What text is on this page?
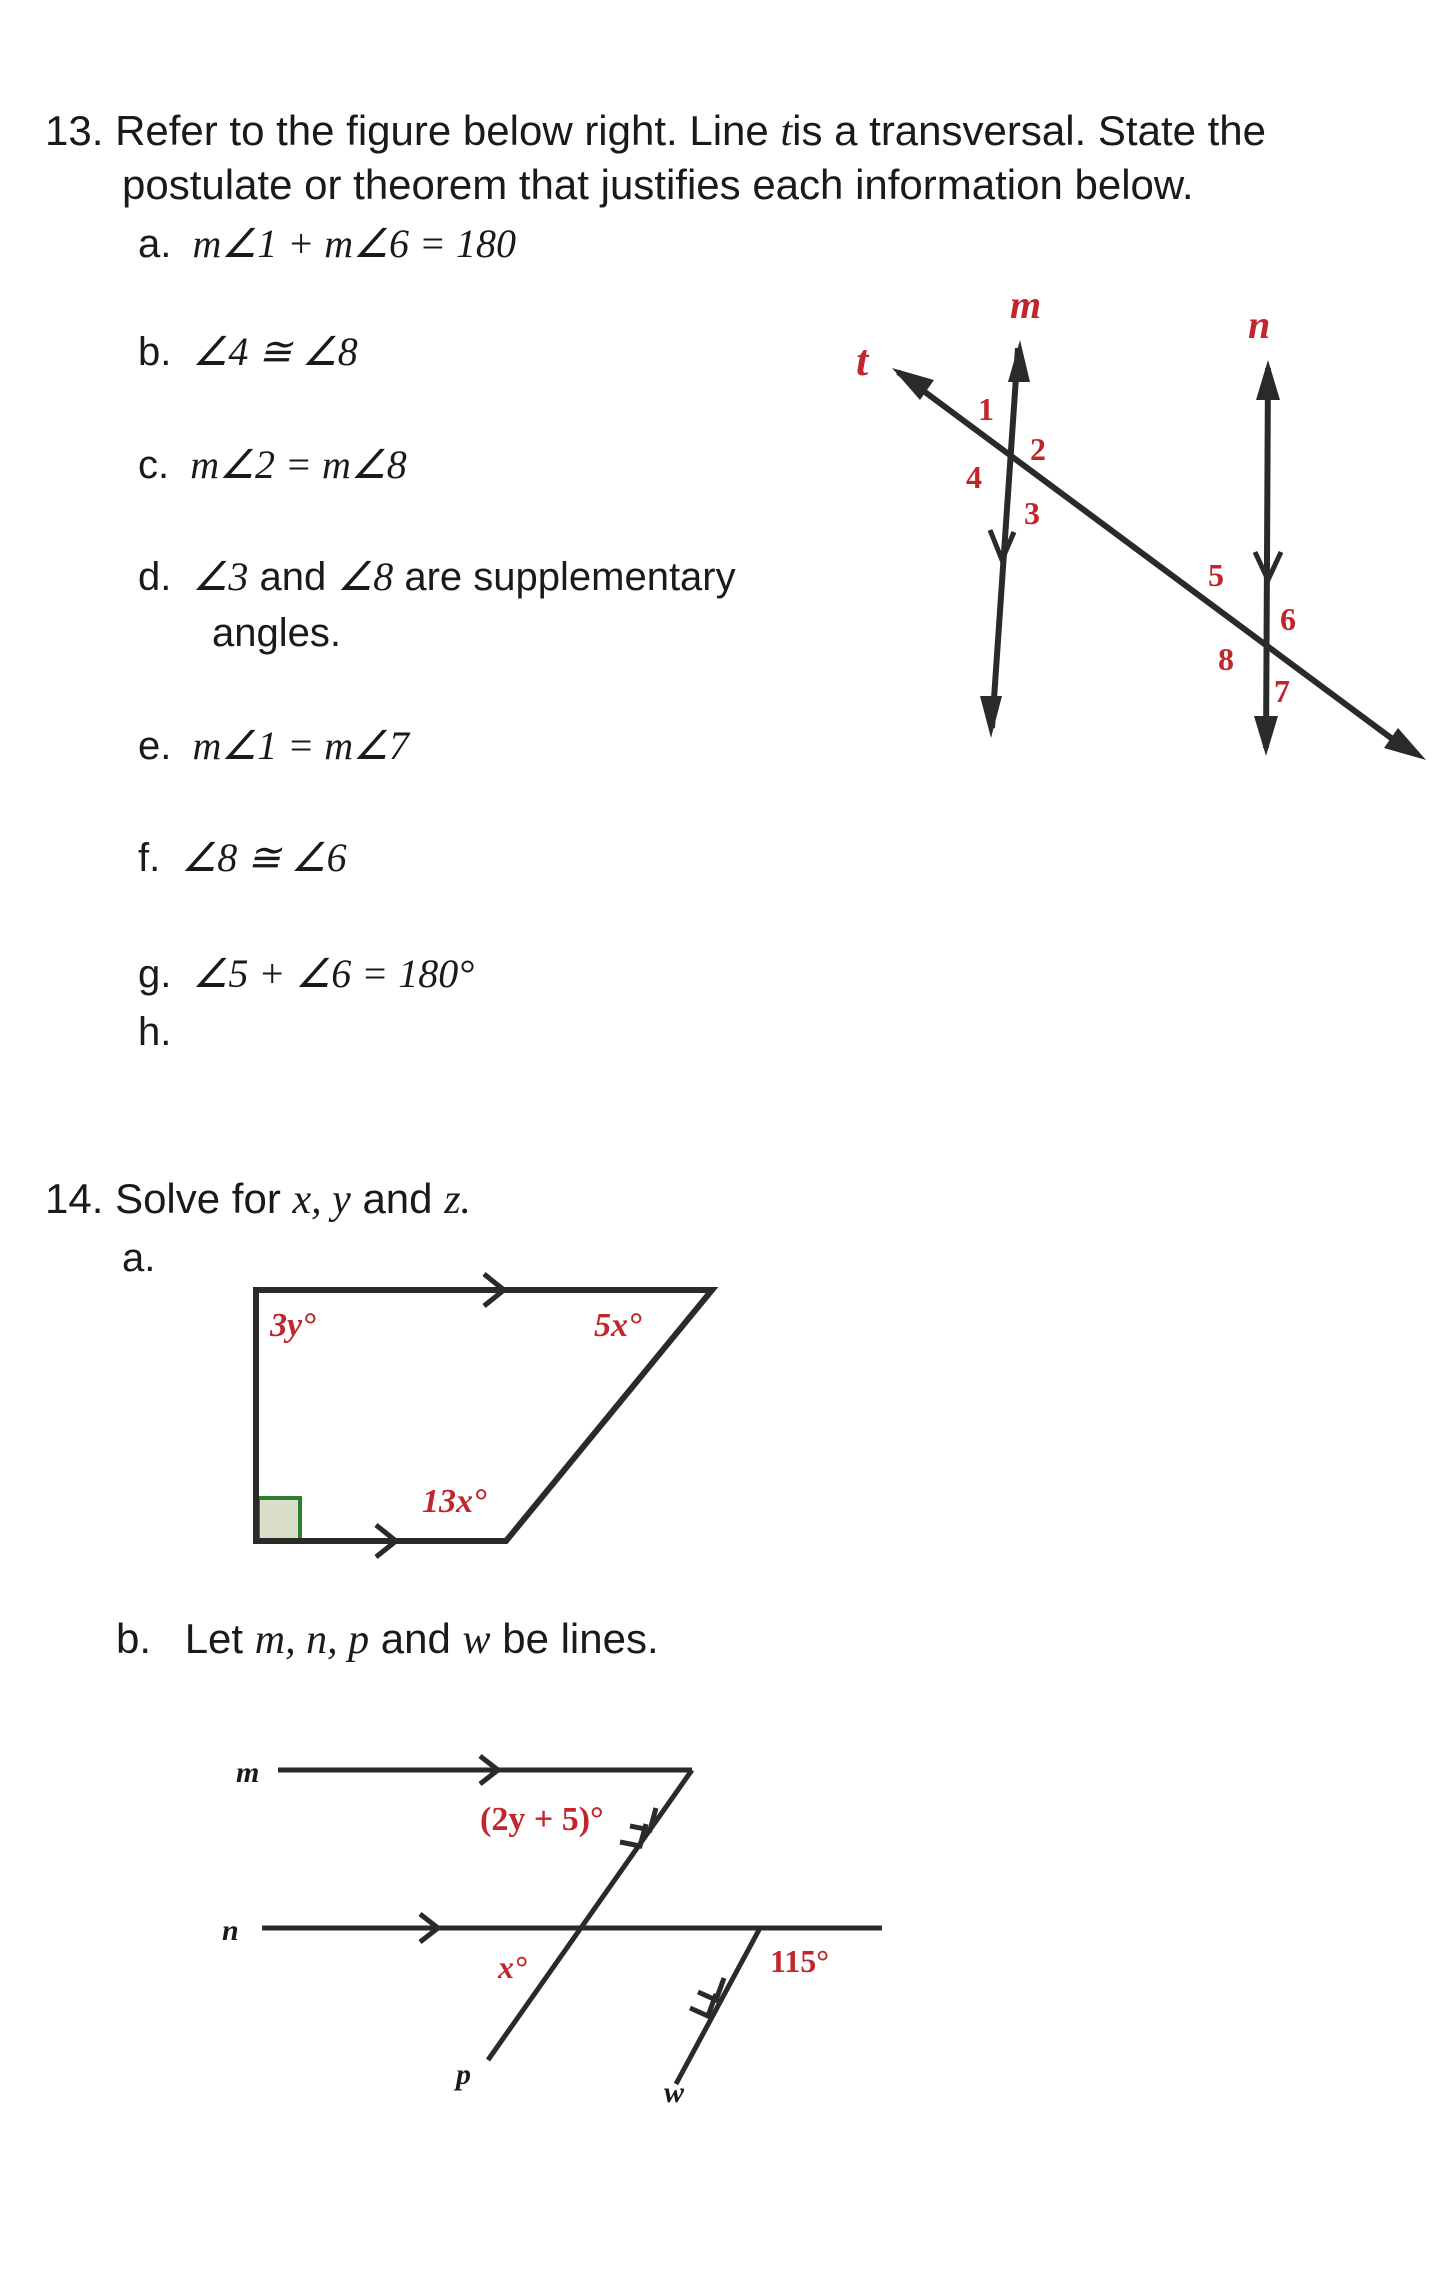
13. Refer to the figure below right. Line tis a transversal. State the
postulate or theorem that justifies each information below.
a. m∠1 + m∠6 = 180
b. ∠4 ≅ ∠8
c. m∠2 = m∠8
d. ∠3 and ∠8 are supplementary
angles.
e. m∠1 = m∠7
f. ∠8 ≅ ∠6
g. ∠5 + ∠6 = 180°
h.
m	n
t
1
2
3
4
5
6
7
8
14. Solve for x, y and z.
a.
3y°	5x°
13x°
b. Let m, n, p and w be lines.
m
n
p
w
(2y + 5)°
x°	115°
